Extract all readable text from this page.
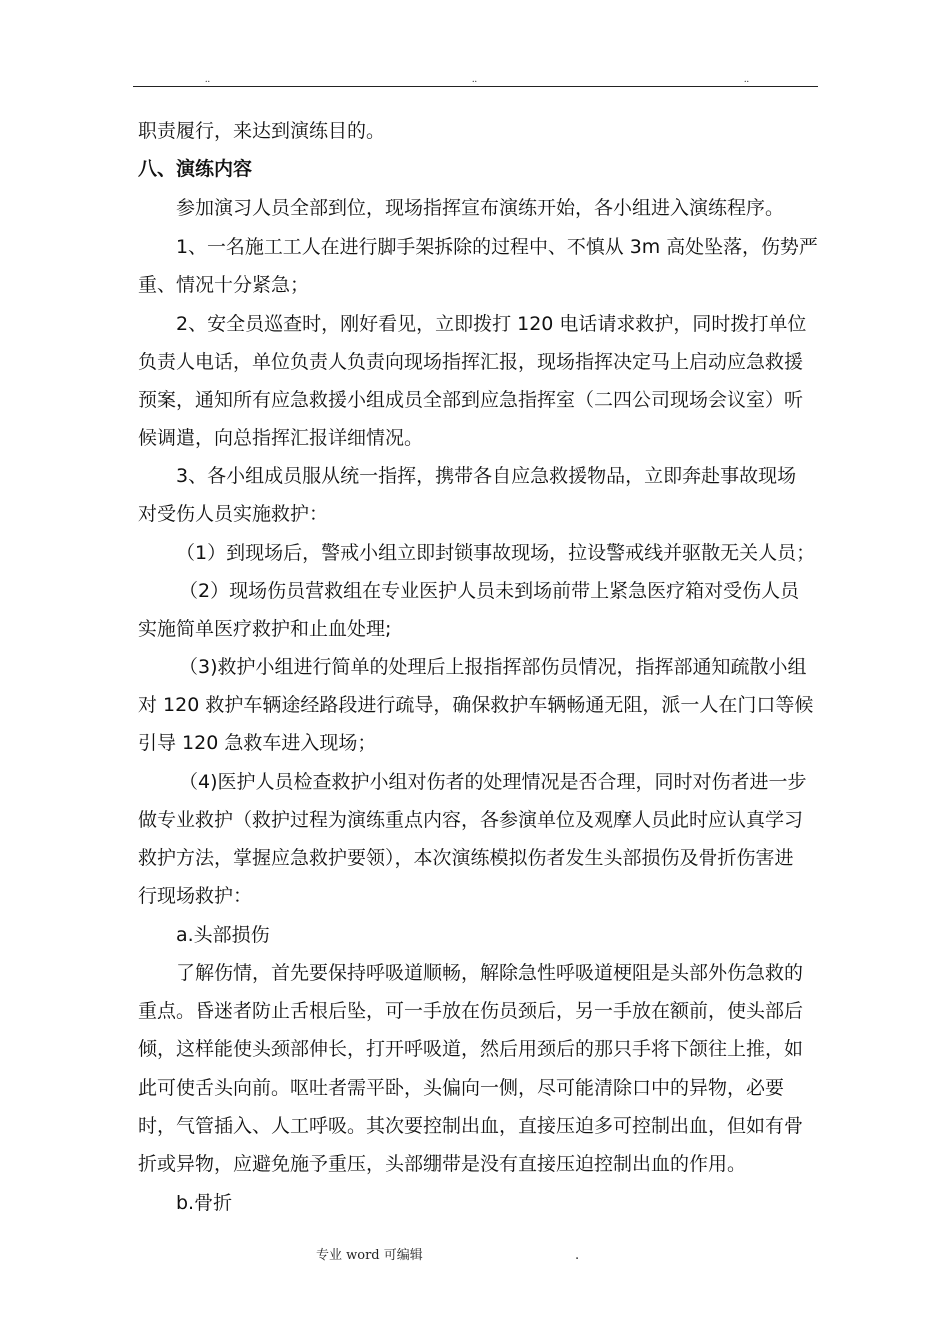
..	..	..
职责履行，来达到演练目的。
八、演练内容
参加演习人员全部到位，现场指挥宣布演练开始，各小组进入演练程序。
1、一名施工工人在进行脚手架拆除的过程中、不慎从 3m 高处坠落，伤势严
重、情况十分紧急；
2、安全员巡查时，刚好看见，立即拨打 120 电话请求救护，同时拨打单位
负责人电话，单位负责人负责向现场指挥汇报，现场指挥决定马上启动应急救援
预案，通知所有应急救援小组成员全部到应急指挥室（二四公司现场会议室）听
候调遣，向总指挥汇报详细情况。
3、各小组成员服从统一指挥，携带各自应急救援物品，立即奔赴事故现场
对受伤人员实施救护：
（1）到现场后，警戒小组立即封锁事故现场，拉设警戒线并驱散无关人员；
（2）现场伤员营救组在专业医护人员未到场前带上紧急医疗箱对受伤人员
实施简单医疗救护和止血处理;
（3)救护小组进行简单的处理后上报指挥部伤员情况，指挥部通知疏散小组
对 120 救护车辆途经路段进行疏导，确保救护车辆畅通无阻，派一人在门口等候
引导 120 急救车进入现场；
（4)医护人员检查救护小组对伤者的处理情况是否合理，同时对伤者进一步
做专业救护（救护过程为演练重点内容，各参演单位及观摩人员此时应认真学习
救护方法，掌握应急救护要领），本次演练模拟伤者发生头部损伤及骨折伤害进
行现场救护：
a.头部损伤
了解伤情，首先要保持呼吸道顺畅，解除急性呼吸道梗阻是头部外伤急救的
重点。昏迷者防止舌根后坠，可一手放在伤员颈后，另一手放在额前，使头部后
倾，这样能使头颈部伸长，打开呼吸道，然后用颈后的那只手将下颌往上推，如
此可使舌头向前。呕吐者需平卧，头偏向一侧，尽可能清除口中的异物，必要
时，气管插入、人工呼吸。其次要控制出血，直接压迫多可控制出血，但如有骨
折或异物，应避免施予重压，头部绷带是没有直接压迫控制出血的作用。
b.骨折
专业 word 可编辑	.
